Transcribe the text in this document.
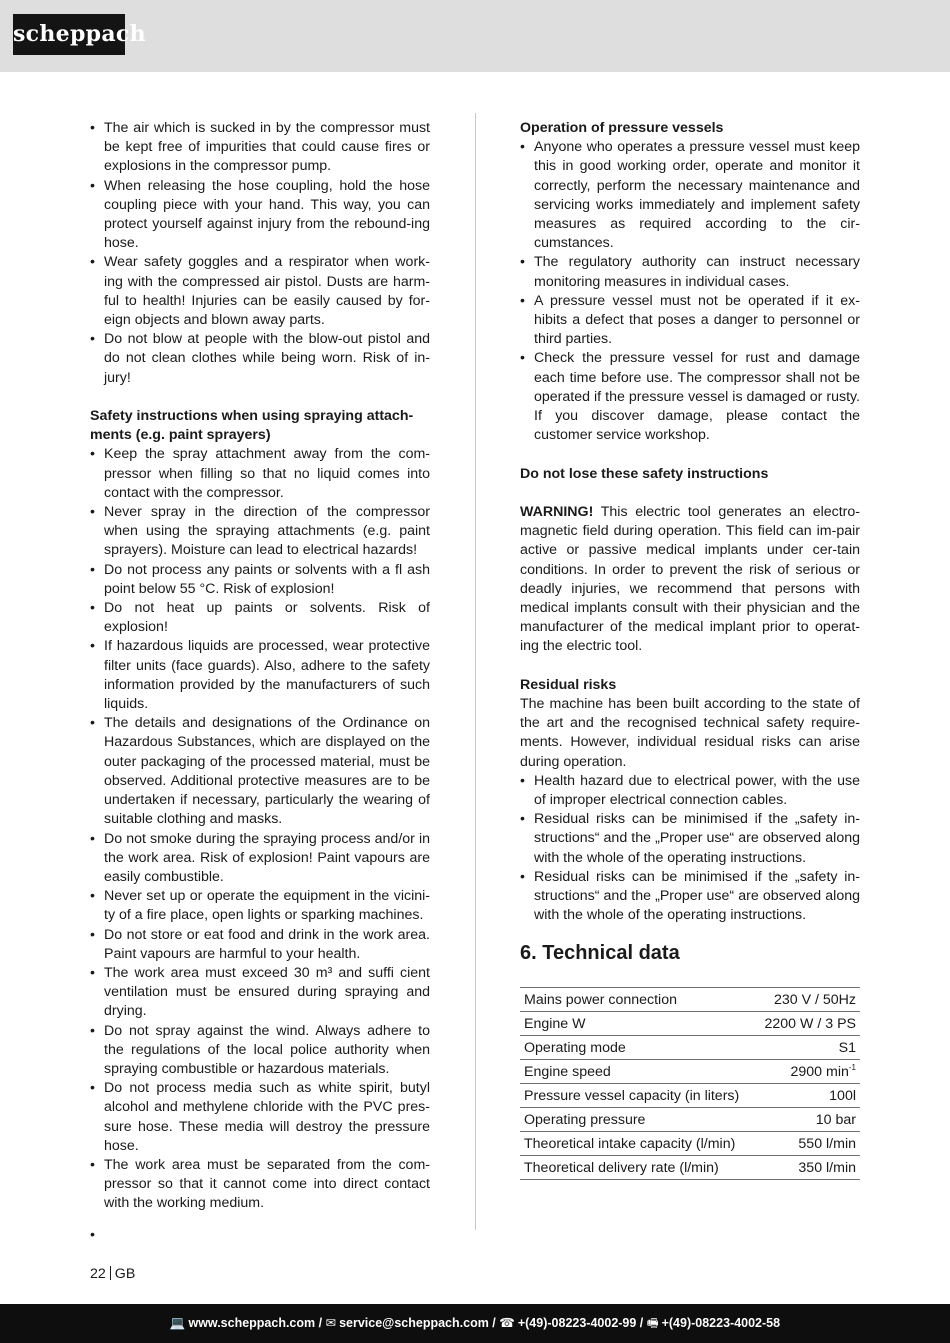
scheppach
• The air which is sucked in by the compressor must be kept free of impurities that could cause fires or explosions in the compressor pump.
• When releasing the hose coupling, hold the hose coupling piece with your hand. This way, you can protect yourself against injury from the rebound-ing hose.
• Wear safety goggles and a respirator when work-ing with the compressed air pistol. Dusts are harm-ful to health! Injuries can be easily caused by for-eign objects and blown away parts.
• Do not blow at people with the blow-out pistol and do not clean clothes while being worn. Risk of in-jury!
Safety instructions when using spraying attach-ments (e.g. paint sprayers)
• Keep the spray attachment away from the com-pressor when filling so that no liquid comes into contact with the compressor.
• Never spray in the direction of the compressor when using the spraying attachments (e.g. paint sprayers). Moisture can lead to electrical hazards!
• Do not process any paints or solvents with a fl ash point below 55 °C. Risk of explosion!
• Do not heat up paints or solvents. Risk of explosion!
• If hazardous liquids are processed, wear protective filter units (face guards). Also, adhere to the safety information provided by the manufacturers of such liquids.
• The details and designations of the Ordinance on Hazardous Substances, which are displayed on the outer packaging of the processed material, must be observed. Additional protective measures are to be undertaken if necessary, particularly the wearing of suitable clothing and masks.
• Do not smoke during the spraying process and/or in the work area. Risk of explosion! Paint vapours are easily combustible.
• Never set up or operate the equipment in the vicini-ty of a fire place, open lights or sparking machines.
• Do not store or eat food and drink in the work area. Paint vapours are harmful to your health.
• The work area must exceed 30 m³ and suffi cient ventilation must be ensured during spraying and drying.
• Do not spray against the wind. Always adhere to the regulations of the local police authority when spraying combustible or hazardous materials.
• Do not process media such as white spirit, butyl alcohol and methylene chloride with the PVC pres-sure hose. These media will destroy the pressure hose.
• The work area must be separated from the com-pressor so that it cannot come into direct contact with the working medium.
•
Operation of pressure vessels
• Anyone who operates a pressure vessel must keep this in good working order, operate and monitor it correctly, perform the necessary maintenance and servicing works immediately and implement safety measures as required according to the cir-cumstances.
• The regulatory authority can instruct necessary monitoring measures in individual cases.
• A pressure vessel must not be operated if it ex-hibits a defect that poses a danger to personnel or third parties.
• Check the pressure vessel for rust and damage each time before use. The compressor shall not be operated if the pressure vessel is damaged or rusty. If you discover damage, please contact the customer service workshop.
Do not lose these safety instructions

WARNING! This electric tool generates an electro-magnetic field during operation. This field can im-pair active or passive medical implants under cer-tain conditions. In order to prevent the risk of serious or deadly injuries, we recommend that persons with medical implants consult with their physician and the manufacturer of the medical implant prior to operat-ing the electric tool.

Residual risks

The machine has been built according to the state of the art and the recognised technical safety require-ments. However, individual residual risks can arise during operation.

• Health hazard due to electrical power, with the use of improper electrical connection cables.
• Residual risks can be minimised if the „safety in-structions“ and the „Proper use“ are observed along with the whole of the operating instructions.
• Residual risks can be minimised if the „safety in-structions“ and the „Proper use“ are observed along with the whole of the operating instructions.
6. Technical data
Mains power connection	230 V / 50Hz
Engine W	2200 W / 3 PS
Operating mode	S1
Engine speed	2900 $\min^{-1}$
Pressure vessel capacity (in liters)	100l
Operating pressure	10 bar
Theoretical intake capacity (l/min)	550 l/min
Theoretical delivery rate (l/min)	350 l/min
22 GB
💻 www.scheppach.com / ✉ service@scheppach.com / ☎ +(49)-08223-4002-99 / 🖷 +(49)-08223-4002-58
